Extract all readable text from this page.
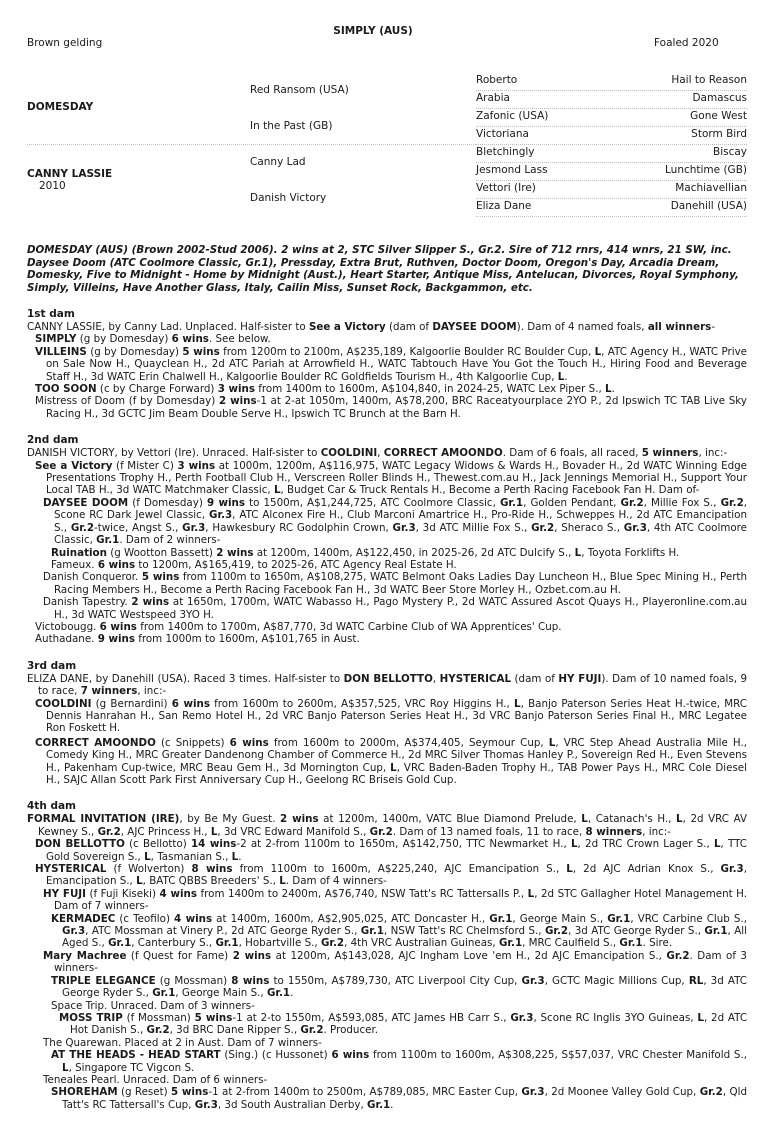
SIMPLY (AUS)
Brown gelding	Foaled 2020
DOMESDAY
CANNY LASSIE
2010
Red Ransom (USA)
In the Past (GB)
Canny Lad
Danish Victory
Roberto	Hail to Reason
Arabia	Damascus
Zafonic (USA)	Gone West
Victoriana	Storm Bird
Bletchingly	Biscay
Jesmond Lass	Lunchtime (GB)
Vettori (Ire)	Machiavellian
Eliza Dane	Danehill (USA)
DOMESDAY (AUS) (Brown 2002-Stud 2006). 2 wins at 2, STC Silver Slipper S., Gr.2. Sire of 712 rnrs, 414 wnrs, 21 SW, inc. Daysee Doom (ATC Coolmore Classic, Gr.1), Pressday, Extra Brut, Ruthven, Doctor Doom, Oregon's Day, Arcadia Dream, Domesky, Five to Midnight - Home by Midnight (Aust.), Heart Starter, Antique Miss, Antelucan, Divorces, Royal Symphony, Simply, Villeins, Have Another Glass, Italy, Cailin Miss, Sunset Rock, Backgammon, etc.
1st dam

CANNY LASSIE, by Canny Lad. Unplaced. Half-sister to See a Victory (dam of DAYSEE DOOM). Dam of 4 named foals, all winners-

SIMPLY (g by Domesday) 6 wins. See below.

VILLEINS (g by Domesday) 5 wins from 1200m to 2100m, A$235,189, Kalgoorlie Boulder RC Boulder Cup, L, ATC Agency H., WATC Prive on Sale Now H., Quayclean H., 2d ATC Pariah at Arrowfield H., WATC Tabtouch Have You Got the Touch H., Hiring Food and Beverage Staff H., 3d WATC Erin Chalwell H., Kalgoorlie Boulder RC Goldfields Tourism H., 4th Kalgoorlie Cup, L.

TOO SOON (c by Charge Forward) 3 wins from 1400m to 1600m, A$104,840, in 2024-25, WATC Lex Piper S., L.

Mistress of Doom (f by Domesday) 2 wins-1 at 2-at 1050m, 1400m, A$78,200, BRC Raceatyourplace 2YO P., 2d Ipswich TC TAB Live Sky Racing H., 3d GCTC Jim Beam Double Serve H., Ipswich TC Brunch at the Barn H.

2nd dam

DANISH VICTORY, by Vettori (Ire). Unraced. Half-sister to COOLDINI, CORRECT AMOONDO. Dam of 6 foals, all raced, 5 winners, inc:-

See a Victory (f Mister C) 3 wins at 1000m, 1200m, A$116,975, WATC Legacy Widows & Wards H., Bovader H., 2d WATC Winning Edge Presentations Trophy H., Perth Football Club H., Verscreen Roller Blinds H., Thewest.com.au H., Jack Jennings Memorial H., Support Your Local TAB H., 3d WATC Matchmaker Classic, L, Budget Car & Truck Rentals H., Become a Perth Racing Facebook Fan H. Dam of-

DAYSEE DOOM (f Domesday) 9 wins to 1500m, A$1,244,725, ATC Coolmore Classic, Gr.1, Golden Pendant, Gr.2, Millie Fox S., Gr.2, Scone RC Dark Jewel Classic, Gr.3, ATC Alconex Fire H., Club Marconi Amartrice H., Pro-Ride H., Schweppes H., 2d ATC Emancipation S., Gr.2-twice, Angst S., Gr.3, Hawkesbury RC Godolphin Crown, Gr.3, 3d ATC Millie Fox S., Gr.2, Sheraco S., Gr.3, 4th ATC Coolmore Classic, Gr.1. Dam of 2 winners-

Ruination (g Wootton Bassett) 2 wins at 1200m, 1400m, A$122,450, in 2025-26, 2d ATC Dulcify S., L, Toyota Forklifts H.

Fameux. 6 wins to 1200m, A$165,419, to 2025-26, ATC Agency Real Estate H.

Danish Conqueror. 5 wins from 1100m to 1650m, A$108,275, WATC Belmont Oaks Ladies Day Luncheon H., Blue Spec Mining H., Perth Racing Members H., Become a Perth Racing Facebook Fan H., 3d WATC Beer Store Morley H., Ozbet.com.au H.

Danish Tapestry. 2 wins at 1650m, 1700m, WATC Wabasso H., Pago Mystery P., 2d WATC Assured Ascot Quays H., Playeronline.com.au H., 3d WATC Westspeed 3YO H.

Victobougg. 6 wins from 1400m to 1700m, A$87,770, 3d WATC Carbine Club of WA Apprentices' Cup.

Authadane. 9 wins from 1000m to 1600m, A$101,765 in Aust.

3rd dam

ELIZA DANE, by Danehill (USA). Raced 3 times. Half-sister to DON BELLOTTO, HYSTERICAL (dam of HY FUJI). Dam of 10 named foals, 9 to race, 7 winners, inc:-

COOLDINI (g Bernardini) 6 wins from 1600m to 2600m, A$357,525, VRC Roy Higgins H., L, Banjo Paterson Series Heat H.-twice, MRC Dennis Hanrahan H., San Remo Hotel H., 2d VRC Banjo Paterson Series Heat H., 3d VRC Banjo Paterson Series Final H., MRC Legatee Ron Foskett H.

CORRECT AMOONDO (c Snippets) 6 wins from 1600m to 2000m, A$374,405, Seymour Cup, L, VRC Step Ahead Australia Mile H., Comedy King H., MRC Greater Dandenong Chamber of Commerce H., 2d MRC Silver Thomas Hanley P., Sovereign Red H., Even Stevens H., Pakenham Cup-twice, MRC Beau Gem H., 3d Mornington Cup, L, VRC Baden-Baden Trophy H., TAB Power Pays H., MRC Cole Diesel H., SAJC Allan Scott Park First Anniversary Cup H., Geelong RC Briseis Gold Cup.

4th dam

FORMAL INVITATION (IRE), by Be My Guest. 2 wins at 1200m, 1400m, VATC Blue Diamond Prelude, L, Catanach's H., L, 2d VRC AV Kewney S., Gr.2, AJC Princess H., L, 3d VRC Edward Manifold S., Gr.2. Dam of 13 named foals, 11 to race, 8 winners, inc:-

DON BELLOTTO (c Bellotto) 14 wins-2 at 2-from 1100m to 1650m, A$142,750, TTC Newmarket H., L, 2d TRC Crown Lager S., L, TTC Gold Sovereign S., L, Tasmanian S., L.

HYSTERICAL (f Wolverton) 8 wins from 1100m to 1600m, A$225,240, AJC Emancipation S., L, 2d AJC Adrian Knox S., Gr.3, Emancipation S., L, BATC QBBS Breeders' S., L. Dam of 4 winners-

HY FUJI (f Fuji Kiseki) 4 wins from 1400m to 2400m, A$76,740, NSW Tatt's RC Tattersalls P., L, 2d STC Gallagher Hotel Management H. Dam of 7 winners-

KERMADEC (c Teofilo) 4 wins at 1400m, 1600m, A$2,905,025, ATC Doncaster H., Gr.1, George Main S., Gr.1, VRC Carbine Club S., Gr.3, ATC Mossman at Vinery P., 2d ATC George Ryder S., Gr.1, NSW Tatt's RC Chelmsford S., Gr.2, 3d ATC George Ryder S., Gr.1, All Aged S., Gr.1, Canterbury S., Gr.1, Hobartville S., Gr.2, 4th VRC Australian Guineas, Gr.1, MRC Caulfield S., Gr.1. Sire.

Mary Machree (f Quest for Fame) 2 wins at 1200m, A$143,028, AJC Ingham Love 'em H., 2d AJC Emancipation S., Gr.2. Dam of 3 winners-

TRIPLE ELEGANCE (g Mossman) 8 wins to 1550m, A$789,730, ATC Liverpool City Cup, Gr.3, GCTC Magic Millions Cup, RL, 3d ATC George Ryder S., Gr.1, George Main S., Gr.1.

Space Trip. Unraced. Dam of 3 winners-

MOSS TRIP (f Mossman) 5 wins-1 at 2-to 1550m, A$593,085, ATC James HB Carr S., Gr.3, Scone RC Inglis 3YO Guineas, L, 2d ATC Hot Danish S., Gr.2, 3d BRC Dane Ripper S., Gr.2. Producer.

The Quarewan. Placed at 2 in Aust. Dam of 7 winners-

AT THE HEADS - HEAD START (Sing.) (c Hussonet) 6 wins from 1100m to 1600m, A$308,225, S$57,037, VRC Chester Manifold S., L, Singapore TC Vigcon S.

Teneales Pearl. Unraced. Dam of 6 winners-

SHOREHAM (g Reset) 5 wins-1 at 2-from 1400m to 2500m, A$789,085, MRC Easter Cup, Gr.3, 2d Moonee Valley Gold Cup, Gr.2, Qld Tatt's RC Tattersall's Cup, Gr.3, 3d South Australian Derby, Gr.1.
